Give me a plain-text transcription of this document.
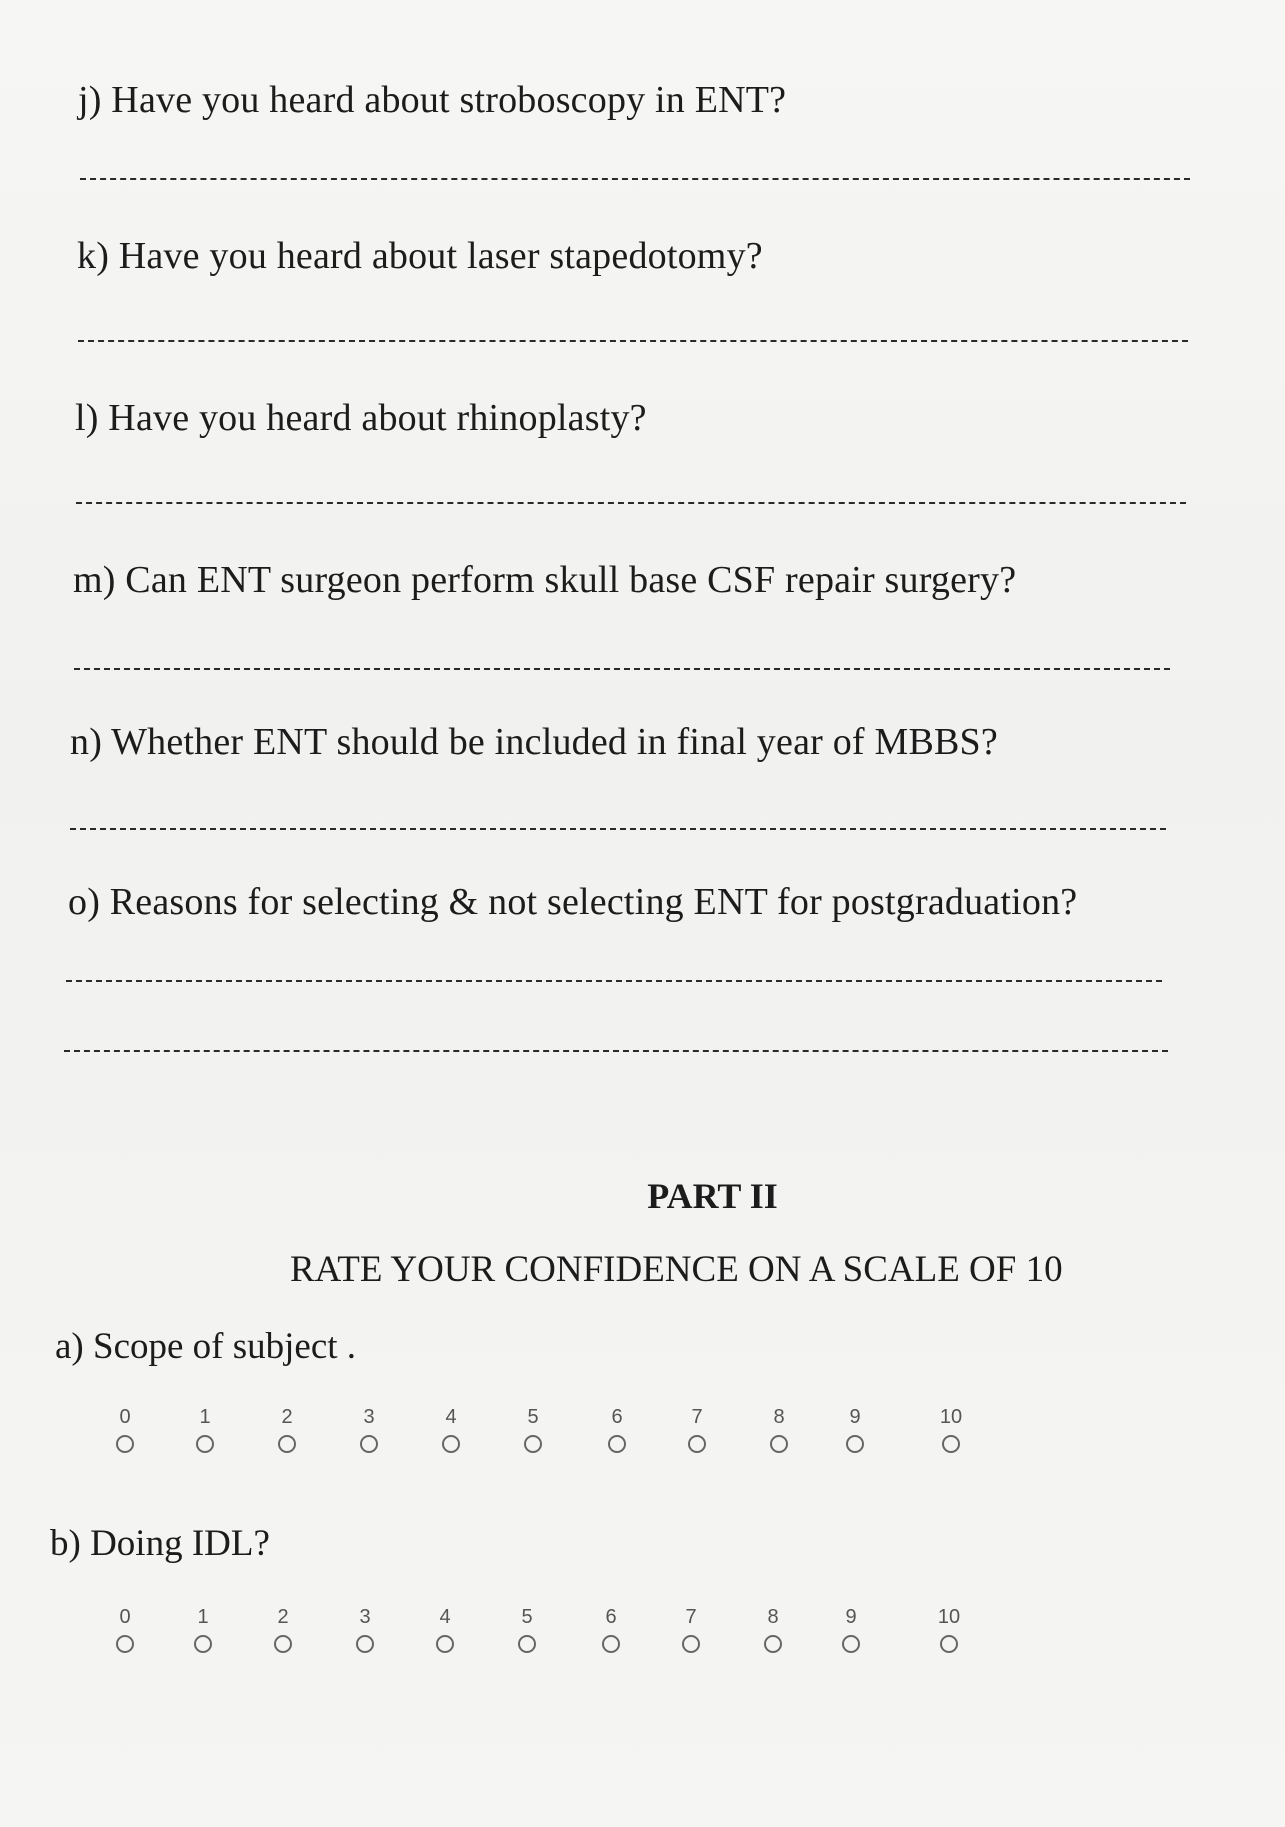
j) Have you heard about stroboscopy in ENT?
k) Have you heard about laser stapedotomy?
l) Have you heard about rhinoplasty?
m) Can ENT surgeon perform skull base CSF repair surgery?
n) Whether ENT should be included in final year of MBBS?
o) Reasons for selecting & not selecting ENT for postgraduation?
PART II
RATE YOUR CONFIDENCE ON A SCALE OF 10
a) Scope of subject .
0	1	2	3	4	5	6	7	8	9	10
b) Doing IDL?
0	1	2	3	4	5	6	7	8	9	10
